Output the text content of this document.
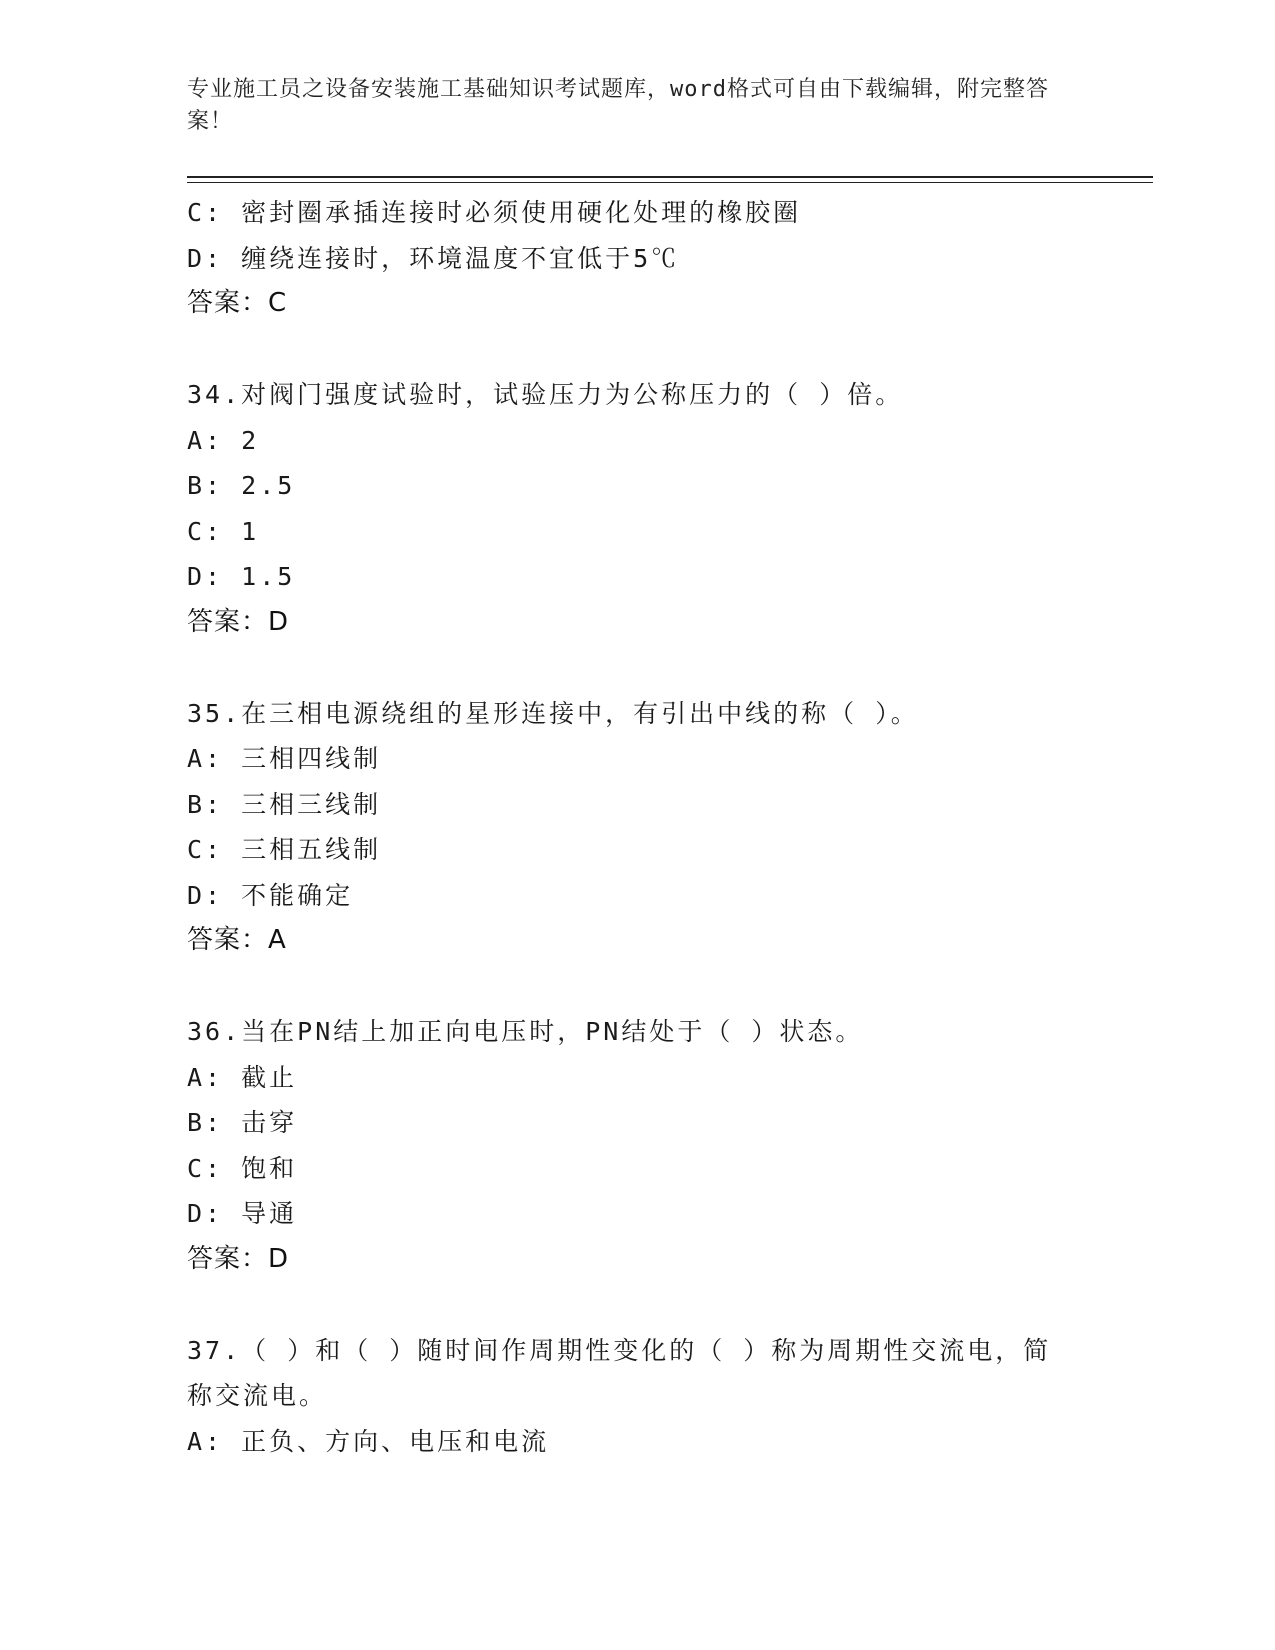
专业施工员之设备安装施工基础知识考试题库，word格式可自由下载编辑，附完整答案！
C: 密封圈承插连接时必须使用硬化处理的橡胶圈
D: 缠绕连接时，环境温度不宜低于5℃
答案：C
34.对阀门强度试验时，试验压力为公称压力的（ ）倍。
A: 2
B: 2.5
C: 1
D: 1.5
答案：D
35.在三相电源绕组的星形连接中，有引出中线的称（ ）。
A: 三相四线制
B: 三相三线制
C: 三相五线制
D: 不能确定
答案：A
36.当在PN结上加正向电压时，PN结处于（ ）状态。
A: 截止
B: 击穿
C: 饱和
D: 导通
答案：D
37.（ ）和（ ）随时间作周期性变化的（ ）称为周期性交流电，简称交流电。
A: 正负、方向、电压和电流
